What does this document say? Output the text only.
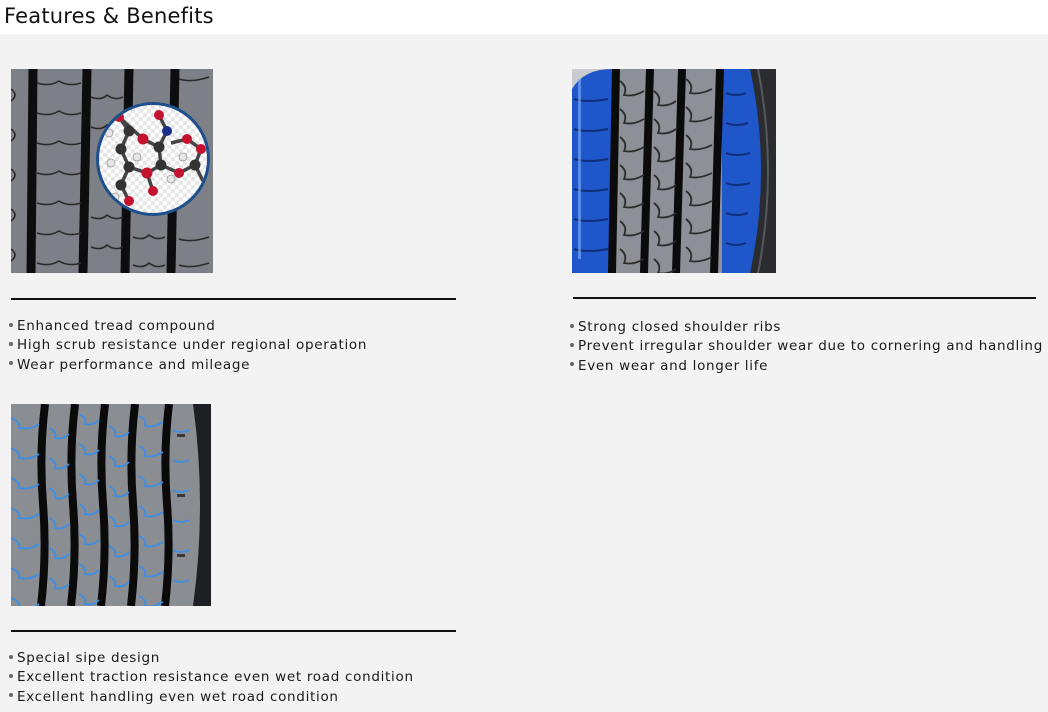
Features & Benefits
Enhanced tread compound
High scrub resistance under regional operation
Wear performance and mileage
Strong closed shoulder ribs
Prevent irregular shoulder wear due to cornering and handling
Even wear and longer life
Special sipe design
Excellent traction resistance even wet road condition
Excellent handling even wet road condition
